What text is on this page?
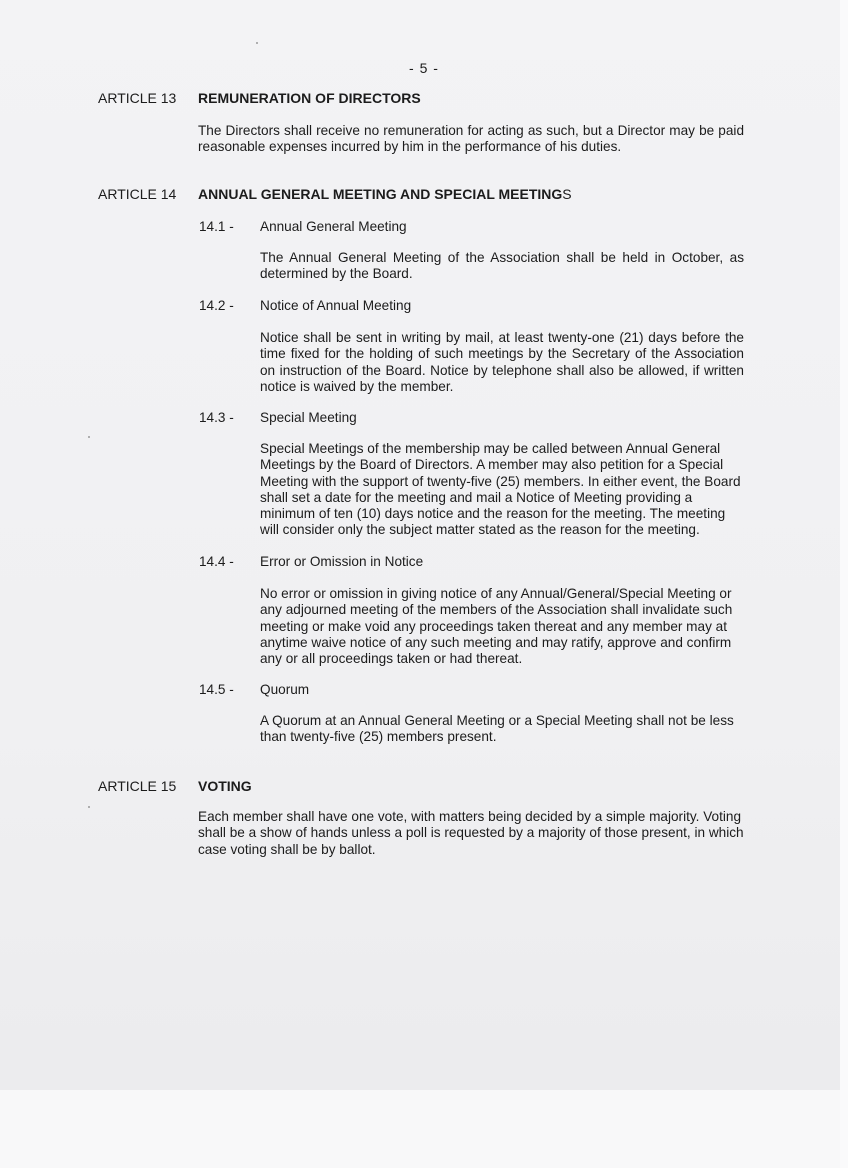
- 5 -
ARTICLE 13 REMUNERATION OF DIRECTORS

The Directors shall receive no remuneration for acting as such, but a Director may be paid reasonable expenses incurred by him in the performance of his duties.

ARTICLE 14 ANNUAL GENERAL MEETING AND SPECIAL MEETINGS
14.1 - Annual General Meeting

The Annual General Meeting of the Association shall be held in October, as determined by the Board.

14.2 - Notice of Annual Meeting

Notice shall be sent in writing by mail, at least twenty-one (21) days before the time fixed for the holding of such meetings by the Secretary of the Association on instruction of the Board. Notice by telephone shall also be allowed, if written notice is waived by the member.

14.3 - Special Meeting

Special Meetings of the membership may be called between Annual General Meetings by the Board of Directors. A member may also petition for a Special Meeting with the support of twenty-five (25) members. In either event, the Board shall set a date for the meeting and mail a Notice of Meeting providing a minimum of ten (10) days notice and the reason for the meeting. The meeting will consider only the subject matter stated as the reason for the meeting.

14.4 - Error or Omission in Notice

No error or omission in giving notice of any Annual/General/Special Meeting or any adjourned meeting of the members of the Association shall invalidate such meeting or make void any proceedings taken thereat and any member may at anytime waive notice of any such meeting and may ratify, approve and confirm any or all proceedings taken or had thereat.

14.5 - Quorum

A Quorum at an Annual General Meeting or a Special Meeting shall not be less than twenty-five (25) members present.

ARTICLE 15 VOTING

Each member shall have one vote, with matters being decided by a simple majority. Voting shall be a show of hands unless a poll is requested by a majority of those present, in which case voting shall be by ballot.
